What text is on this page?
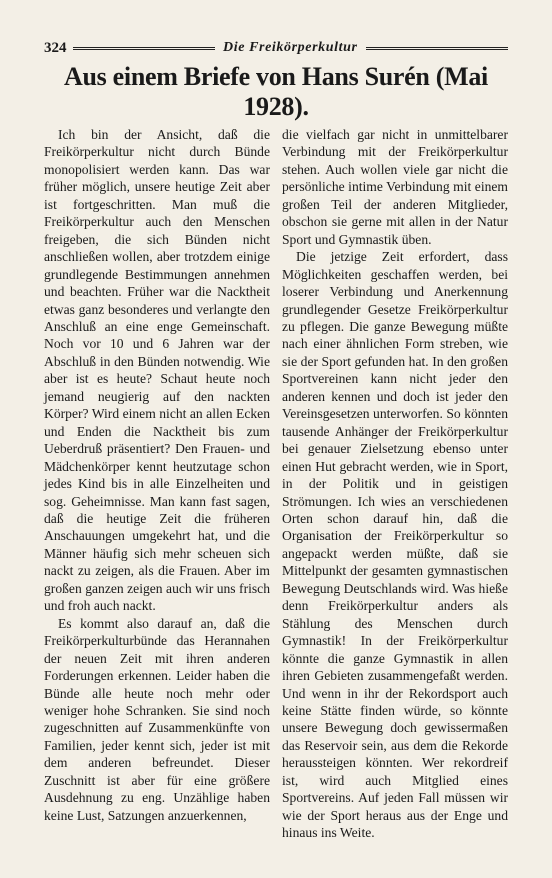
324	Die Freikörperkultur
Aus einem Briefe von Hans Surén (Mai 1928).

Ich bin der Ansicht, daß die Freikörperkultur nicht durch Bünde monopolisiert werden kann. Das war früher möglich, unsere heutige Zeit aber ist fortgeschritten. Man muß die Freikörperkultur auch den Menschen freigeben, die sich Bünden nicht anschließen wollen, aber trotzdem einige grundlegende Bestimmungen annehmen und beachten. Früher war die Nacktheit etwas ganz besonderes und verlangte den Anschluß an eine enge Gemeinschaft. Noch vor 10 und 6 Jahren war der Abschluß in den Bünden notwendig. Wie aber ist es heute? Schaut heute noch jemand neugierig auf den nackten Körper? Wird einem nicht an allen Ecken und Enden die Nacktheit bis zum Ueberdruß präsentiert? Den Frauen- und Mädchenkörper kennt heutzutage schon jedes Kind bis in alle Einzelheiten und sog. Geheimnisse. Man kann fast sagen, daß die heutige Zeit die früheren Anschauungen umgekehrt hat, und die Männer häufig sich mehr scheuen sich nackt zu zeigen, als die Frauen. Aber im großen ganzen zeigen auch wir uns frisch und froh auch nackt.

Es kommt also darauf an, daß die Freikörperkulturbünde das Herannahen der neuen Zeit mit ihren anderen Forderungen erkennen. Leider haben die Bünde alle heute noch mehr oder weniger hohe Schranken. Sie sind noch zugeschnitten auf Zusammenkünfte von Familien, jeder kennt sich, jeder ist mit dem anderen befreundet. Dieser Zuschnitt ist aber für eine größere Ausdehnung zu eng. Unzählige haben keine Lust, Satzungen anzuerkennen,

die vielfach gar nicht in unmittelbarer Verbindung mit der Freikörperkultur stehen. Auch wollen viele gar nicht die persönliche intime Verbindung mit einem großen Teil der anderen Mitglieder, obschon sie gerne mit allen in der Natur Sport und Gymnastik üben.

Die jetzige Zeit erfordert, dass Möglichkeiten geschaffen werden, bei loserer Verbindung und Anerkennung grundlegender Gesetze Freikörperkultur zu pflegen. Die ganze Bewegung müßte nach einer ähnlichen Form streben, wie sie der Sport gefunden hat. In den großen Sportvereinen kann nicht jeder den anderen kennen und doch ist jeder den Vereinsgesetzen unterworfen. So könnten tausende Anhänger der Freikörperkultur bei genauer Zielsetzung ebenso unter einen Hut gebracht werden, wie in Sport, in der Politik und in geistigen Strömungen. Ich wies an verschiedenen Orten schon darauf hin, daß die Organisation der Freikörperkultur so angepackt werden müßte, daß sie Mittelpunkt der gesamten gymnastischen Bewegung Deutschlands wird. Was hieße denn Freikörperkultur anders als Stählung des Menschen durch Gymnastik! In der Freikörperkultur könnte die ganze Gymnastik in allen ihren Gebieten zusammengefaßt werden. Und wenn in ihr der Rekordsport auch keine Stätte finden würde, so könnte unsere Bewegung doch gewissermaßen das Reservoir sein, aus dem die Rekorde heraussteigen könnten. Wer rekordreif ist, wird auch Mitglied eines Sportvereins. Auf jeden Fall müssen wir wie der Sport heraus aus der Enge und hinaus ins Weite.
